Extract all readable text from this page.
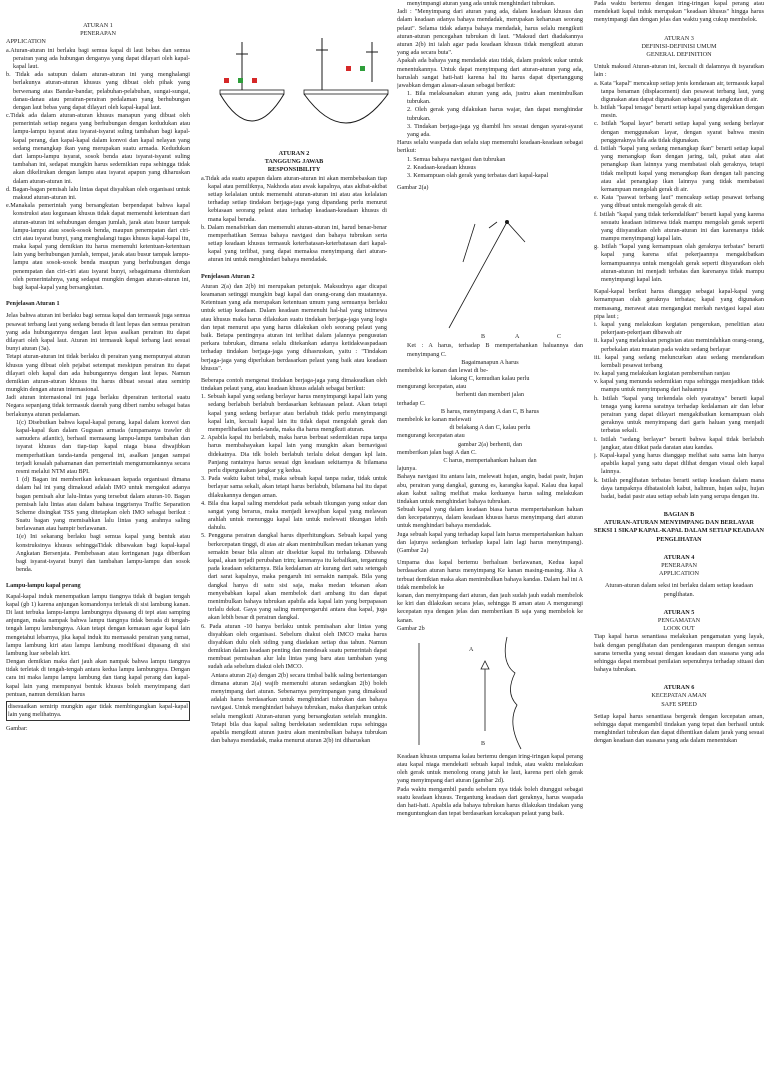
ATURAN 1
PENERAPAN
APPLICATION
a.Aturan-aturan ini berlaku bagi semua kapal di laut bebas dan semua perairan yang ada hubungan denganya yang dapat dilayari oleh kapal-kapal laut.
b. Tidak ada satupun dalam aturan-aturan ini yang menghalangi berlakunya aturan-aturan khusus yang dibuat oleh pihak yang berwenang atas Bandar-bandar, pelabuhan-pelabuhan, sungai-sungai, danau-danau atau perairan-perairan pedalaman yang berhubungan dengan laut bebas yang dapat dilayari oleh kapal-kapal laut.
c.Tidak ada dalam aturan-aturan khusus manapun yang dibuat oleh pemerintah setiap negara yang berhubungan dengan kedudukan atau lampu-lampu isyarat atau isyarat-isyarat suling tambahan bagi kapal-kapal perang, dan kapal-kapal dalam konvoi dan kapal nelayan yang sedang menangkap ikan yang merupakan suatu armada. Kedudukan dari lampu-lampu isyarat, sosok benda atau isyarat-isyarat suling tambahan ini, sedapat mungkin harus sedemikian rupa sehingga tidak akan dikelirukan dengan lampu atau isyarat apapun yang diharuskan dalam aturan-aturan ini.
d. Bagan-bagan pemisah lalu lintas dapat disyahkan oleh organisasi untuk maksud aturan-aturan ini.
e.Manakala pemerintah yang bersangkutan berpendapat bahwa kapal konstruksi atau kegunaan khusus tidak dapat memenuhi ketentuan dari aturan-aturan ini sehubungan dengan jumlah, jarak atau busur tampak lampu-lampu atau sosok-sosok benda, maupun penempatan dari ciri-ciri atau isyarat bunyi, yang menghalangi tugas khusus kapal-kapal itu, maka kapal yang demikian itu harus memenuhi ketentuan-ketentuan lain yang berhubungan jumlah, tempat, jarak atau busur tampak lampu-lampu atau sosok-sosok benda maupun yang berhubungan denga penempatan dan ciri-ciri atau isyarat bunyi, sebagaimana ditentukan oleh pemerintahnya, yang sedapat mungkin dengan aturan-aturan ini, bagi kapal-kapal yang bersangkutan.
Penjelasan Aturan 1
Jelas bahwa aturan ini berlaku bagi semua kapal dan termasuk juga semua pesawat terbang laut yang sedang berada di laut lepas dan semua perairan yang ada hubungannya dengan laut lepas asalkan perairan itu dapat dilayari oleh kapal laut. Aturan ini termasuk kapal terbang laut sesuai bunyi aturan (3a).
Tetapi aturan-aturan ini tidak berlaku di perairan yang mempunyai aturan khusus yang dibuat oleh pejabat setempat meskipun perairan itu dapat dilayari oleh kapal dan ada hubungannya dengan laut lepas. Namun demikian aturan-aturan khusus itu harus dibuat sesuai atau semirip mungkin dengan aturan internasional.
Jadi aturan internasional ini juga berlaku diperairan teritorial suatu Negara sepanjang tidak termasuk daerah yang diberi rambu sebagai batas berlakunya aturan pedalaman.
1(c) Disebutkan bahwa kapal-kapal perang, kapal dalam konvoi dan kapal-kapal ikan dalam Gugusan armada (umpamanya trawler di samudera atlantic), berhasil memasang lampu-lampu tambahan dan isyarat khusus dan tiap-tiap kapal niaga biasa diwajibkan memperhatikan tanda-tanda pengenal ini, asalkan jangan sampai terjadi kesalah pahamanan dan pemerintah mengumumkannya secara resmi melalui NTM atau BPI.
1 (d) Bagan ini memberikan kekuasaan kepada organisasi dimana dalam hal ini yang dimaksud adalah IMO untuk mengakui adanya bagan pemisah alur lalu-lintas yang tersebut dalam aturan-10. Bagan pemisah lalu lintas atau dalam bahasa inggrisnya Traffic Separation Scheme disingkat TSS yang ditetapkan oleh IMO sebagai berikut : Suatu bagan yang memisahkan lalu lintas yang arahnya saling berlawanan atau hampir berlawanan.
1(e) Ini sekarang berlaku bagi semua kapal yang bentuk atau konstruksinya khusus sehinggaTidak dibawakan bagi kapal-kapal Angkatan Bersenjata. Pembebasan atau keringanan juga diberikan bagi isyarat-isyarat bunyi dan tambahan lampu-lampu dan sosok benda.
Lampu-lampu kapal perang
Kapal-kapal induk menempatkan lampu tiangnya tidak di bagian tengah kapal (gb 1) karena anjungan komandonya terletak di sisi lambung kanan. Di laut terbuka lampu-lampu lambungnya dipasang di tepi atau samping anjungan, maka nampak bahwa lampu tiangnya tidak berada di tengah-tengah lampu lambungnya. Akan tetapi dengan kemauan agar kapal lain mengetahui lebarnya, jika kapal induk itu memasaki perairan yang ramai, lampu lambung kiri atau lampu lambung modifikasi dipasang di sisi lambung luar sebelah kiri.
Dengan demikian maka dari jauh akan nampak bahwa lampu tiangnya tidak terletak di tengah-tengah antara kedua lampu lambungnya. Dengan cara ini maka lampu lampu lambung dan tiang kapal perang dan kapal-kapal lain yang mempunyai bentuk khusus boleh menyimpang dari pentuan, namun demikian harus
disesuaikan semirip mungkin agar tidak membingungkan kapal-kapal lain yang melihatnya.
Gambar:
ATURAN 2
TANGGUNG JAWAB
RESPONSIBILITY
a.Tidak ada suatu apapun dalam aturan-aturan ini akan membebaskan tiap kapal atau pemiliknya, Nakhoda atau awak kapalnya, atas akibat-akibat setiap kelalaian untuk memenuhi aturan-aturan ini atau atas kelalaian terhadap setiap tindakan berjaga-jaga yang dipandang perlu menurut kebiasaan seorang pelaut atau terhadap keadaan-keadaan khusus di mana kapal berada.
b. Dalam menafsirkan dan memenuhi aturan-aturan ini, harud benar-benar memperhatikan Semua bahaya navigasi dan bahaya tubrukan serta setiap keadaan khusus termasuk keterbatasan-keterbatasan dari kapal-kapal yang terlibat, yang dapat memaksa menyimpang dari aturan-aturan ini untuk menghindari bahaya mendadak.
Penjelasan Aturan 2
Aturan 2(a) dan 2(b) ini merupakan petunjuk. Maksudnya agar dicapai keamanan setinggi mungkin bagi kapal dan orang-orang dan muatannya. Ketentuan yang ada merupakan ketentuan umum yang semuanya berlaku untuk setiap keadaan. Dalam keadaan memenuhi hal-hal yang istimewa atau khusus maka harus dilakukan suatu tindakan berjaga-jaga yang logis dan tepat menurut apa yang harus dilakukan oleh seorang pelaut yang baik. Betapa pentingnya aturan ini terlihat dalam jalannya pengusutan perkara tubrukan, dimana selalu ditekankan adanya ketidakwaspadaan terhadap tindakan berjaga-jaga yang dihasruskan, yaitu : "Tindakan berjaga-jaga yang diperlukan berdasarkan pelaut yang baik atau keadaan khusus".
Beberapa contoh mengenai tindakan berjaga-jaga yang dimaksudkan oleh tindakan pelaut yang, atau keadaan khusus adalah sebagai berikut:
1. Sebuah kapal yang sedang berlayar harus menyimpangi kapal lain yang sedang berlabuh berlabuh berdasarkan kebiasaan pelaut. Akan tetapi kapal yang sedang berlayar atau berlabuh tidak perlu menyimpangi kapal lain, kecuali kapal lain itu tidak dapat mengolah gerak dan memperlihatkan tanda-tanda, maka dia harus mengikuti aturan.
2. Apabila kapal itu berlabuh, maka harus berbuat sedemikian rupa tanpa harus membahayakan kapal lain yang mungkin akan bernavigasi didekatnya. Dia tdk boleh berlabuh terlalu dekat dengan kpl lain. Panjang rantainya harus sesuai dgn keadaan sekitarnya & bilamana perlu dipergunakan jangkar yg kedua.
3. Pada waktu kabut tebal, maka sebuah kapal tanpa radar, tidak untuk berlayar sama sekali, akan tetapi harus berlabuh, bilamana hal itu dapat dilakukannya dengan aman.
4. Bila dua kapal saling mendekat pada sebuah tikungan yang sukar dan sangat yang berarus, maka menjadi kewajiban kapal yang melawan arahlah untuk menunggu kapal lain untuk melewati tikungan lebih dahulu.
5. Pengguna perairan dangkal harus diperhitungkan. Sebuah kapal yang berkecepatan tinggi, di atas air akan menimbulkan medan tekanan yang semakin besar bila aliran air disekitar kapal itu terhalang. Dibawah kapal, akan terjadi perubahan trim; karenanya itu kebalikan, tergantung pada keadaan sekitarnya. Bila kedalaman air kurang dari satu setengah dari sarat kapalnya, maka pengaruh ini semakin nampak. Bila yang dangkal hanya di satu sisi saja, maka medan tekanan akan menyebabkan kapal akan membelok dari ambang itu dan dapat menimbulkan bahaya tubrukan apabila ada kapal lain yang berpapasan terlalu dekat. Gaya yang saling mempengaruhi antara dua kapal, juga akan lebih besar di perairan dangkal.
6. Pada aturan -10 hanya berlaku untuk pemisahan alur lintas yang disyahkan oleh organisasi. Sebelum diakui oleh IMCO maka harus disyahkan dulu oleh siding yang diadakan setiap dua tahun. Namun demikian dalam keadaan penting dan mendesak suatu pemerintah dapat membuat pemisahan alur lalu lintas yang baru atau tambahan yang sudah ada sebelum diakui oleh IMCO.
Antara aturan 2(a) dengan 2(b) secara timbal balik saling bertentangan dimana aturan 2(a) wajib memenuhi aturan sedangkan 2(b) boleh menyimpang dari aturan. Sebenarnya penyimpangan yang dimaksud adalah harus berdasarkan untuk menghindari tubrukan dan bahaya navigasi. Untuk menghindari bahaya tubrukan, maka dianjurkan untuk selalu mengikuti Aturan-aturan yang bersangkutan setelah mungkin. Tetapi bila dua kapal saling berdekatan sedemikian rupa sehingga apabila mengikuti aturan justru akan menimbulkan bahaya tubrukan dan bahaya mendadak, maka menurut aturan 2(b) ini diharuskan
menyimpangi aturan yang ada untuk menghindari tubrukan.
Jadi : "Menyimpang dari aturan yang ada, dalam keadaan khusus dan dalam keadaan adanya bahaya mendadak, merupakan keharusan seorang pelaut". Selama tidak adanya bahaya mendadak, harus selalu mengikuti aturan-aturan pencegahan tubrukan di laut. "Maksud dari diadakannya aturan 2(b) ini ialah agar pada keadaan khusus tidak mengikuti aturan yang ada secara buta".
Apakah ada bahaya yang mendadak atau tidak, dalam praktek sukar untuk menentukannya. Untuk dapat menyimpang dari aturan-aturan yang ada, haruslah sangat hati-hati karena hal itu harus dapat dipertanggung jawabkan dengan alasan-alasan sebagai berikut:
1. Bila melaksanakan aturan yang ada, justru akan menimbulkan tubrukan.
2. Oleh gerak yang dilakukan harus wajar, dan dapat menghindar tubrukan.
3. Tindakan berjaga-jaga yg diambil hrs sesuai dengan syarat-syarat yang ada.
Harus selalu waspada dan selalu siap memenuhi keadaan-keadaan sebagai berikut:
1. Semua bahaya navigasi dan tubrukan
2. Keadaan-keadaan khusus
3. Kemampuan olah gerak yang terbatas dari kapal-kapal
Gambar 2(a)
B	A	C
Ket : A harus, terhadap B mempertahankan haluannya dan menyimpang C.
Bagaimanapun A harus
membelok ke kanan dan lewat di be-
lakang C, kemudian kalau perlu
mengurangi kecepatan, atau
berhenti dan memberi jalan
terhadap C.
B harus, menyimpang A dan C, B harus
membelok ke kanan melewati
di belakang A dan C, kalau perlu
mengurangi kecepatan atau
gambar 2(a) berhenti, dan
memberikan jalan bagi A dan C.
C harus, mempertahankan haluan dan
lajunya.
Bahaya navigasi itu antara lain, melewati hujan, angin, badai pasir, hujan abu, perairan yang dangkal, gunung es, karangka kapal. Kalau dua kapal akan kabut saling melihat maka keduanya harus saling melakukan tindakan untuk menghindari bahaya tubrukan.
Sebuah kapal yang dalam keadaan biasa harus mempertahankan haluan dan kecepatannya, dalam keadaan khusus harus menyimpang dari aturan untuk menghindari bahaya mendadak.
Juga sebuah kapal yang terhadap kapal lain harus mempertahankan haluan dan lajunya sedangkan terhadap kapal lain lagi harus menyimpang). (Gambar 2a)
Umpama dua kapal bertemu berhaluan berlawanan, Kedua kapal berdasarkan aturan harus menyimpang Ke kanan masing-masing. Jika A terbuat demikian maka akan menimbulkan bahaya kandas. Dalam hal ini A tidak membelok ke
kanan, dan menyimpang dari aturan, dan jauh sudah jauh sudah membelok ke kiri dan dilakukan secara jelas, sehingga B aman atau A mengurangi kecepatan nya dengan jelas dan memberikan B saja yang membelok ke kanan.
Gambar 2b
A
B
Keadaan khusus umpama kalau bertemu dengan iring-iringan kapal perang atau kapal niaga mendekati sebuah kapal induk, atau waktu melakukan oleh gerak untuk menolong orang jatuh ke laut, karena peri oleh gerak yang menyimpang dari aturan (gambar 2d).
Pada waktu mengambil pandu sebelum nya tidak boleh diunggui sebagai suatu keadaan khusus. Tergantung keadaan dari geraknya, harus waspada dan hati-hati. Apabila ada bahaya tubrukan harus dilakukan tindakan yang menguntungkan dan tepat berdasarkan kecakapan pelaut yang baik.
Pada waktu bertemu dengan iring-iringan kapal perang atau mendekati kapal induk merupakan "keadaan khusus" hingga harus menyimpangi dan dengan jelas dan waktu yang cukup membelok.
ATURAN 3
DEFINISI-DEFINISI UMUM
GENERAL DEFINITION
Untuk maksud Aturan-aturan ini, kecuali di dalamnya di isyaratkan lain :
a. Kata "kapal" mencakup setiap jenis kendaraan air, termasuk kapal tanpa benaman (displacement) dan pesawat terbang laut, yang digunakan atau dapat digunakan sebagai sarana angkutan di air.
b. Istilah "kapal tenaga" berarti setiap kapal yang digerakkan dengan mesin.
c. Istilah "kapal layar" berarti setiap kapal yang sedang berlayar dengan menggunakan layar, dengan syarat bahwa mesin penggeraknya bila ada tidak digunakan.
d. Istilah "kapal yang sedang menangkap ikan" berarti setiap kapal yang menangkap ikan dengan jaring, tali, pukat atau alat penangkap ikan lainnya yang membatasi olah geraknya, tetapi tidak meliputi kapal yang menangkap ikan dengan tali pancing atau alat penangkap ikan lainnya yang tidak membatasi kemampuan mengolah gerak di air.
e. Kata "paswat terbang laut" mencakup setiap pesawat terbang yang dibuat untuk mengolah gerak di air.
f. Istilah "kapal yang tidak terkendalikan" berarti kapal yang karena sesuatu keadaan istimewa tidak mampu mengolah gerak seperti yang diisyaratkan oleh aturan-aturan ini dan karenanya tidak mampu menyimpangi kapal lain.
g. Istilah "kapal yang kemampuan olah geraknya terbatas" berarti kapal yang karena sifat pekerjaannya mengakibatkan kemampuannya untuk mengolah gerak seperti diisyaratkan oleh aturan-aturan ini menjadi terbatas dan karenanya tidak mampu menyimpangi kapal lain.
Kapal-kapal berikut harus dianggap sebagai kapal-kapal yang kemampuan olah geraknya terbatas; kapal yang digunakan memasang, merawat atau mengangkat merkah navigasi kapal atau pipa laut ;
i. kapal yang melakukan kegiatan pengerukan, penelitian atau pekerjaan-pekerjaan dibawah air
ii. kapal yang melakukan pengisian atau memindahkan orang-orang, perbekalan atau muatan pada waktu sedang berlayar
iii. kapal yang sedang meluncurkan atau sedang mendaratkan kembali pesawat terbang
iv. kapal yang melakukan kegiatan pembersihan ranjau
v. kapal yang menunda sedemikian rupa sehingga menjadikan tidak mampu untuk menyimpang dari haluannya
h. Istilah "kapal yang terkendala oleh syaratnya" berarti kapal tenaga yang karena saratnya terhadap kedalaman air dan lebar perairan yang dapat dilayari mengakibatkan kemampuan olah geraknya untuk menyimpang dari garis haluan yang menjadi terbatas sekali.
i. Istilah "sedang berlayar" berarti bahwa kapal tidak berlabuh jangkar, atau diikat pada daratan atau kandas.
j. Kapal-kapal yang harus dianggap melihat satu sama lain hanya apabila kapal yang satu dapat dilihat dengan visual oleh kapal lainnya.
k. Istilah penglihatan terbatas berarti setiap keadaan dalam mana daya tampaknya dibatasioleh kabut, halimun, hujan salju, hujan badai, badai pasir atau setiap sebab lain yang serupa dengan itu.
BAGIAN B
ATURAN-ATURAN MENYIMPANG DAN BERLAYAR
SEKSI 1 SIKAP KAPAL-KAPAL DALAM SETIAP KEADAAN PENGLIHATAN
ATURAN 4
PENERAPAN
APPLICATION
Aturan-aturan dalam seksi ini berlaku dalam setiap keadaan penglihatan.
ATURAN 5
PENGAMATAN
LOOK OUT
Tiap kapal harus senantiasa melakukan pengamatan yang layak, baik dengan penglihatan dan pendengaran maupun dengan semua sarana tersedia yang sesuai dengan keadaan dan suasana yang ada sehingga dapat membuat penilaian sepenuhnya terhadap situasi dan bahaya tubrukan.
ATURAN 6
KECEPATAN AMAN
SAFE SPEED
Setiap kapal harus senantiasa bergerak dengan kecepatan aman, sehingga dapat mengambil tindakan yang tepat dan berhasil untuk menghindari tubrukan dan dapat dihentikan dalam jarak yang sesuai dengan keadaan dan suasana yang ada dalam menentukan
